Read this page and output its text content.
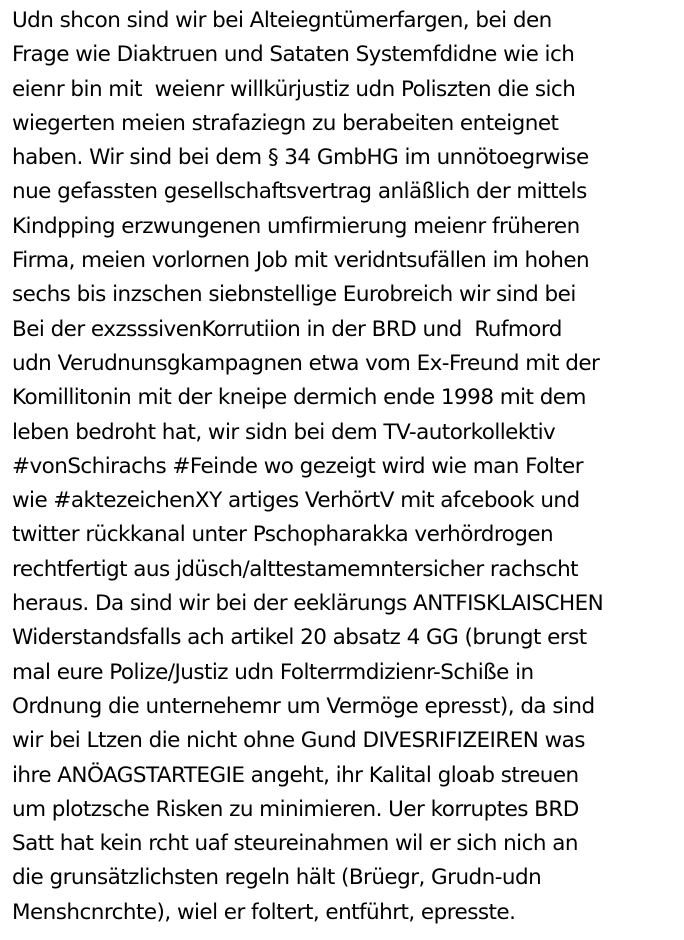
Udn shcon sind wir bei Alteiegntümerfargen, bei den
Frage wie Diaktruen und Sataten Systemfdidne wie ich
eienr bin mit  weienr willkürjustiz udn Poliszten die sich
wiegerten meien strafaziegn zu berabeiten enteignet
haben. Wir sind bei dem § 34 GmbHG im unnötoegrwise
nue gefassten gesellschaftsvertrag anläßlich der mittels
Kindpping erzwungenen umfirmierung meienr früheren
Firma, meien vorlornen Job mit veridntsufällen im hohen
sechs bis inzschen siebnstellige Eurobreich wir sind bei
Bei der exzsssivenKorrutiion in der BRD und  Rufmord
udn Verudnunsgkampagnen etwa vom Ex-Freund mit der
Komillitonin mit der kneipe dermich ende 1998 mit dem
leben bedroht hat, wir sidn bei dem TV-autorkollektiv
#vonSchirachs #Feinde wo gezeigt wird wie man Folter
wie #aktezeichenXY artiges VerhörtV mit afcebook und
twitter rückkanal unter Pschopharakka verhördrogen
rechtfertigt aus jdüsch/alttestamemntersicher rachscht
heraus. Da sind wir bei der eeklärungs ANTFISKLAISCHEN
Widerstandsfalls ach artikel 20 absatz 4 GG (brungt erst
mal eure Polize/Justiz udn Folterrmdizienr-Schiße in
Ordnung die unternehemr um Vermöge epresst), da sind
wir bei Ltzen die nicht ohne Gund DIVESRIFIZEIREN was
ihre ANÖAGSTARTEGIE angeht, ihr Kalital gloab streuen
um plotzsche Risken zu minimieren. Uer korruptes BRD
Satt hat kein rcht uaf steureinahmen wil er sich nich an
die grunsätzlichsten regeln hält (Brüegr, Grudn-udn
Menshcnrchte), wiel er foltert, entführt, epresste.
